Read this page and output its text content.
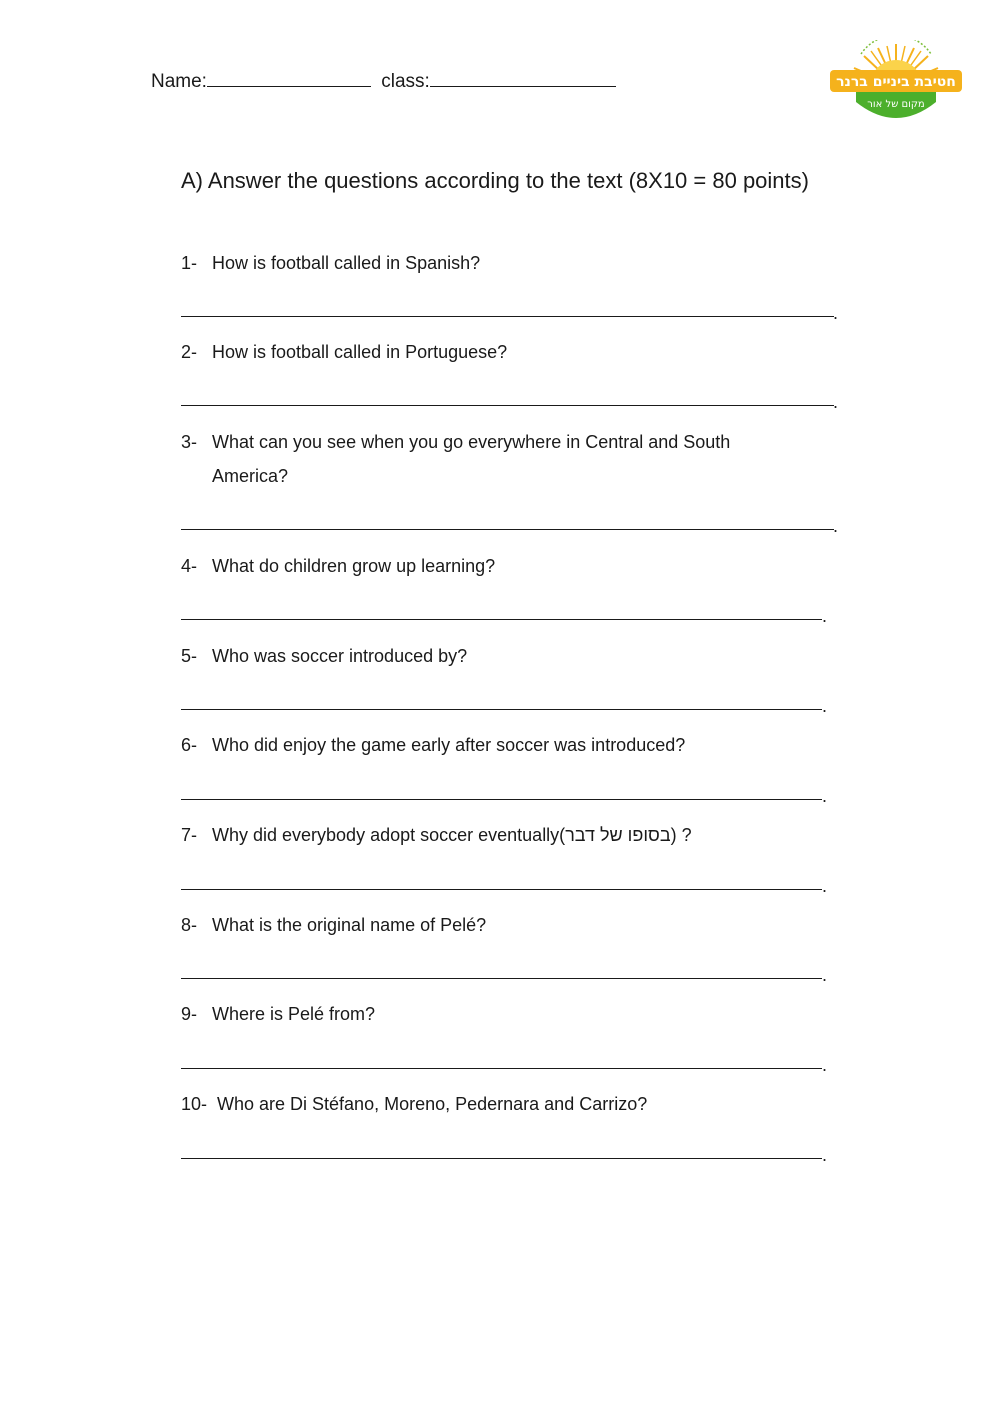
Name:	class:	חטיבת ביניים ברנר
מקום של אור
A) Answer the questions according to the text (8X10 = 80 points)
1- How is football called in Spanish?
.
2- How is football called in Portuguese?
.
3- What can you see when you go everywhere in Central and South America?
.
4- What do children grow up learning?
.
5- Who was soccer introduced by?
.
6- Who did enjoy the game early after soccer was introduced?
.
7- Why did everybody adopt soccer eventually(בסופו של דבר) ?
.
8- What is the original name of Pelé?
.
9- Where is Pelé from?
.
10- Who are Di Stéfano, Moreno, Pedernara and Carrizo?
.
